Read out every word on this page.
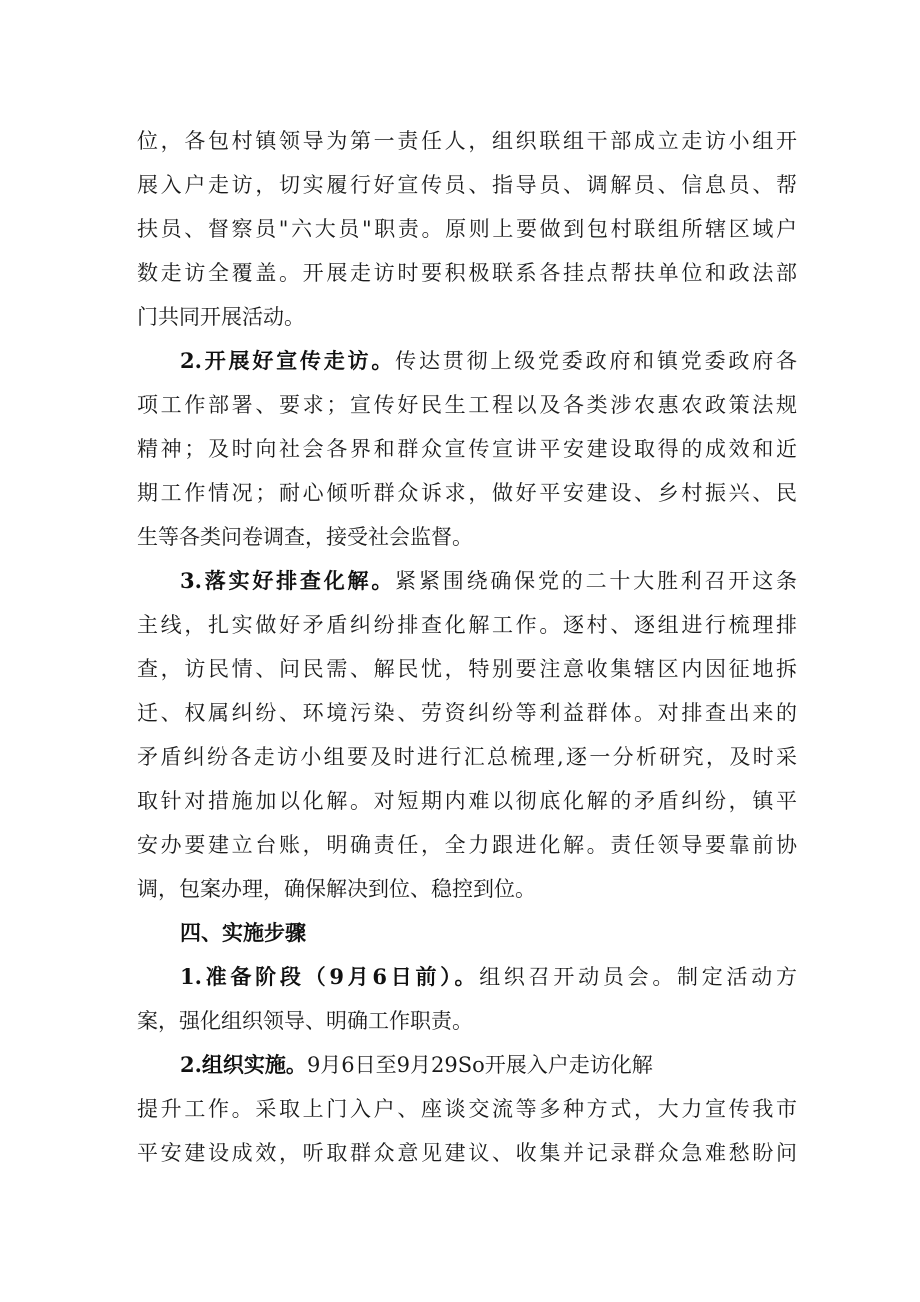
位，各包村镇领导为第一责任人，组织联组干部成立走访小组开
展入户走访，切实履行好宣传员、指导员、调解员、信息员、帮
扶员、督察员"六大员"职责。原则上要做到包村联组所辖区域户
数走访全覆盖。开展走访时要积极联系各挂点帮扶单位和政法部
门共同开展活动。
2.开展好宣传走访。传达贯彻上级党委政府和镇党委政府各
项工作部署、要求；宣传好民生工程以及各类涉农惠农政策法规
精神；及时向社会各界和群众宣传宣讲平安建设取得的成效和近
期工作情况；耐心倾听群众诉求，做好平安建设、乡村振兴、民
生等各类问卷调查，接受社会监督。
3.落实好排查化解。紧紧围绕确保党的二十大胜利召开这条
主线，扎实做好矛盾纠纷排查化解工作。逐村、逐组进行梳理排
查，访民情、问民需、解民忧，特别要注意收集辖区内因征地拆
迁、权属纠纷、环境污染、劳资纠纷等利益群体。对排查出来的
矛盾纠纷各走访小组要及时进行汇总梳理,逐一分析研究，及时采
取针对措施加以化解。对短期内难以彻底化解的矛盾纠纷，镇平
安办要建立台账，明确责任，全力跟进化解。责任领导要靠前协
调，包案办理，确保解决到位、稳控到位。
四、实施步骤
1.准备阶段（9月6日前）。组织召开动员会。制定活动方
案，强化组织领导、明确工作职责。
2.组织实施。9月6日至9月29So开展入户走访化解
提升工作。采取上门入户、座谈交流等多种方式，大力宣传我市
平安建设成效，听取群众意见建议、收集并记录群众急难愁盼问
